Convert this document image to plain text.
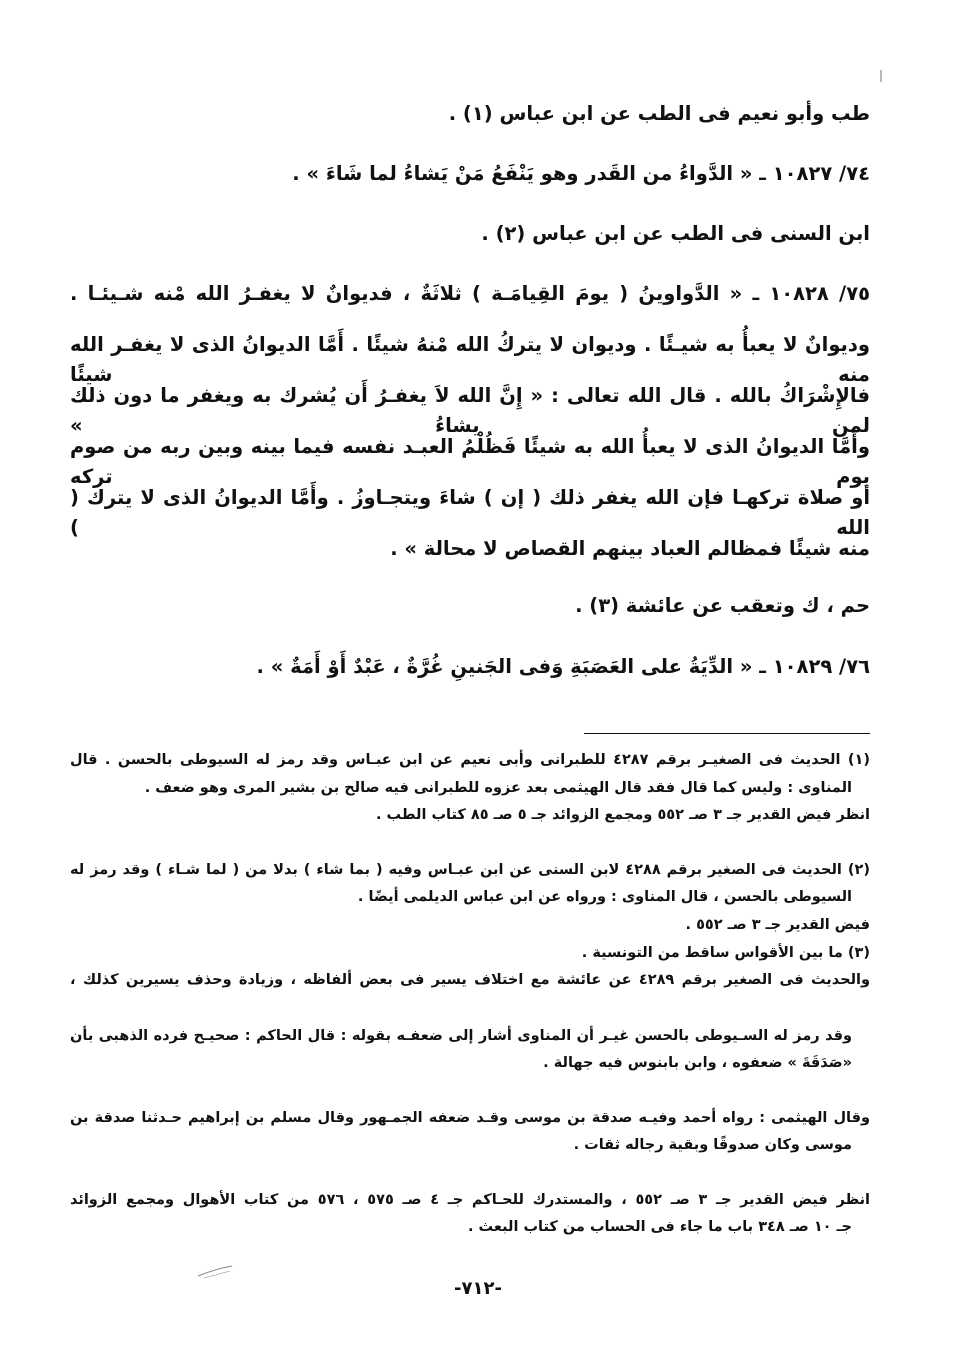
طب وأبو نعيم فى الطب عن ابن عباس (١) .
٧٤/ ١٠٨٢٧ ـ « الدَّواءُ من القَدر وهو يَنْفَعُ مَنْ يَشاءُ لما شَاءَ » .
ابن السنى فى الطب عن ابن عباس (٢) .
٧٥/ ١٠٨٢٨ ـ « الدَّواوينُ ( يومَ القِيامَـة ) ثلاثَةٌ ، فديوانٌ لا يغفـرُ الله مْنه شـيئـا .
وديوانٌ لا يعبأُ به شيـئًا . وديوان لا يتركُ الله مْنهُ شيئًا . أَمَّا الديوانُ الذى لا يغفـر الله منه شيئًا
فالإِشْرَاكُ بالله . قال الله تعالى : « إِنَّ الله لاَ يغفـرُ أَن يُشرك به ويغفر ما دون ذلك لمن يشاءُ »
وأَمَّا الديوانُ الذى لا يعبأُ الله به شيئًا فَظُلْمُ العبـد نفسه فيما بينه وبين ربه من صوم يوم تركه
أو صلاة تركهـا فإن الله يغفر ذلك ( إن ) شاءَ ويتجـاوزُ . وأَمَّا الديوانُ الذى لا يترك ( الله )
منه شيئًا فمظالم العباد بينهم القصاص لا محالة » .
حم ، ك وتعقب عن عائشة (٣) .
٧٦/ ١٠٨٢٩ ـ « الدِّيَةُ على العَصَبَةِ وَفى الجَنينِ غُرَّةٌ ، عَبْدٌ أَوْ أَمَةٌ » .
(١) الحديث فى الصغيـر برقم ٤٢٨٧ للطبرانى وأبى نعيم عن ابن عبـاس وقد رمز له السيوطى بالحسن . قال
المناوى : وليس كما قال فقد قال الهيثمى بعد عزوه للطبرانى فيه صالح بن بشير المرى وهو ضعف .
انظر فيض القدير جـ ٣ صـ ٥٥٢ ومجمع الزوائد جـ ٥ صـ ٨٥ كتاب الطب .
(٢) الحديث فى الصغير برقم ٤٢٨٨ لابن السنى عن ابن عبـاس وفيه ( بما شاء ) بدلا من ( لما شـاء ) وقد رمز له
السيوطى بالحسن ، قال المناوى : ورواه عن ابن عباس الديلمى أيضًا .
فيض القدير جـ ٣ صـ ٥٥٢ .
(٣) ما بين الأقواس ساقط من التونسية .
والحديث فى الصغير برقم ٤٢٨٩ عن عائشة مع اختلاف يسير فى بعض ألفاظه ، وزيادة وحذف يسيرين كذلك ،
وقد رمز له السـيوطى بالحسن غيـر أن المناوى أشار إلى ضعفـه بقوله : قال الحاكم : صحيـح فرده الذهبى بأن
«صَدَقَةَ » ضعفوه ، وابن بابنوس فيه جهالة .
وقال الهيثمى : رواه أحمد وفيـه صدقة بن موسى وقـد ضعفه الجمـهور وقال مسلم بن إبراهيم حـدثنا صدقة بن
موسى وكان صدوقًا وبقية رجاله ثقات .
انظر فيض القدير جـ ٣ صـ ٥٥٢ ، والمستدرك للحـاكم جـ ٤ صـ ٥٧٥ ، ٥٧٦ من كتاب الأهوال ومجمع الزوائد
جـ ١٠ صـ ٣٤٨ باب ما جاء فى الحساب من كتاب البعث .
-٧١٢-
